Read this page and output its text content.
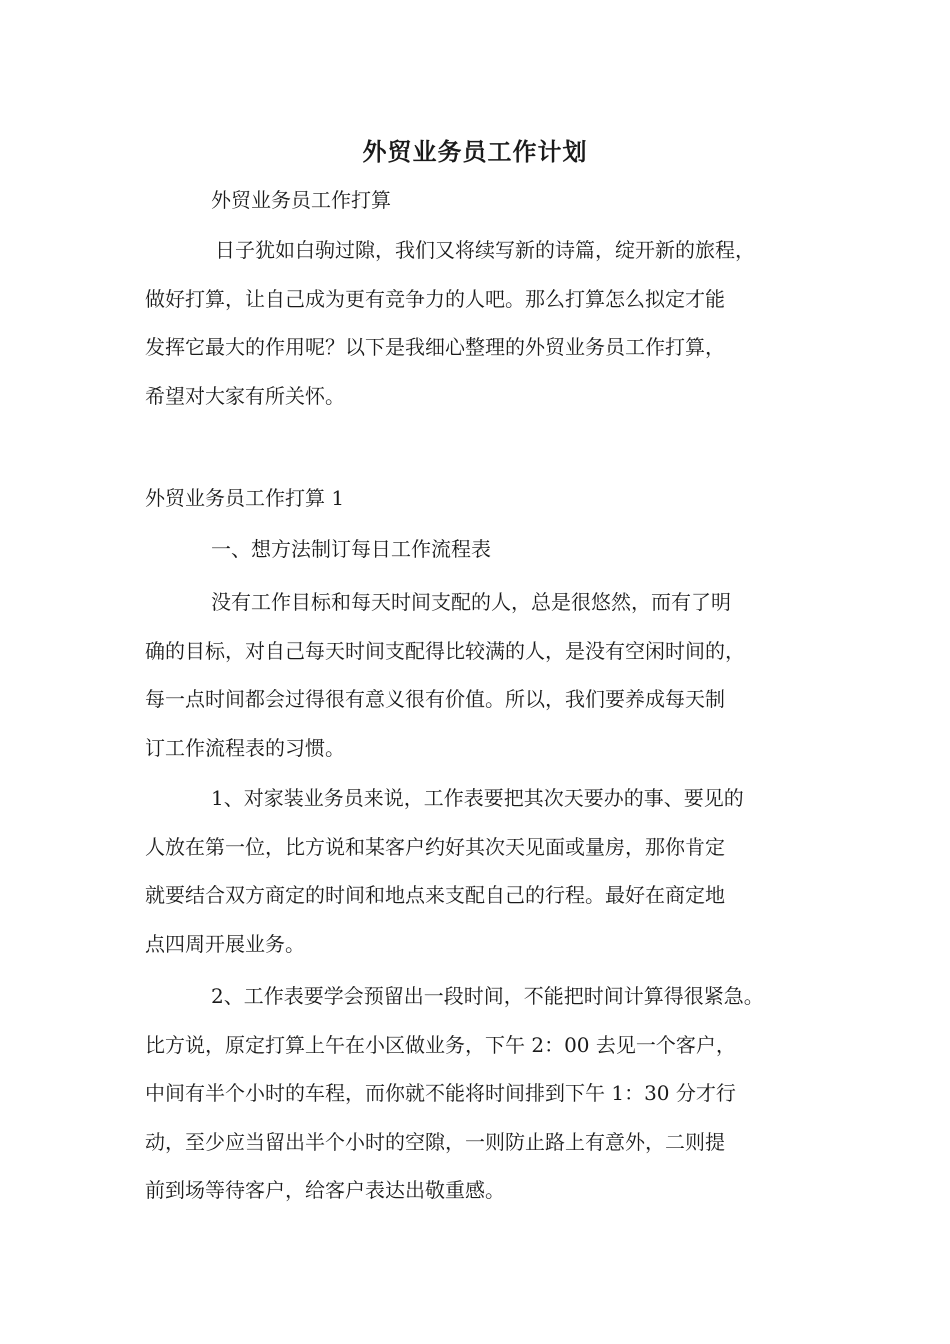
外贸业务员工作计划
外贸业务员工作打算
日子犹如白驹过隙，我们又将续写新的诗篇，绽开新的旅程，
做好打算，让自己成为更有竞争力的人吧。那么打算怎么拟定才能
发挥它最大的作用呢？以下是我细心整理的外贸业务员工作打算，
希望对大家有所关怀。
外贸业务员工作打算 1
一、想方法制订每日工作流程表
没有工作目标和每天时间支配的人，总是很悠然，而有了明
确的目标，对自己每天时间支配得比较满的人，是没有空闲时间的，
每一点时间都会过得很有意义很有价值。所以，我们要养成每天制
订工作流程表的习惯。
1、对家装业务员来说，工作表要把其次天要办的事、要见的
人放在第一位，比方说和某客户约好其次天见面或量房，那你肯定
就要结合双方商定的时间和地点来支配自己的行程。最好在商定地
点四周开展业务。
2、工作表要学会预留出一段时间，不能把时间计算得很紧急。
比方说，原定打算上午在小区做业务，下午 2：00 去见一个客户，
中间有半个小时的车程，而你就不能将时间排到下午 1：30 分才行
动，至少应当留出半个小时的空隙，一则防止路上有意外，二则提
前到场等待客户，给客户表达出敬重感。
